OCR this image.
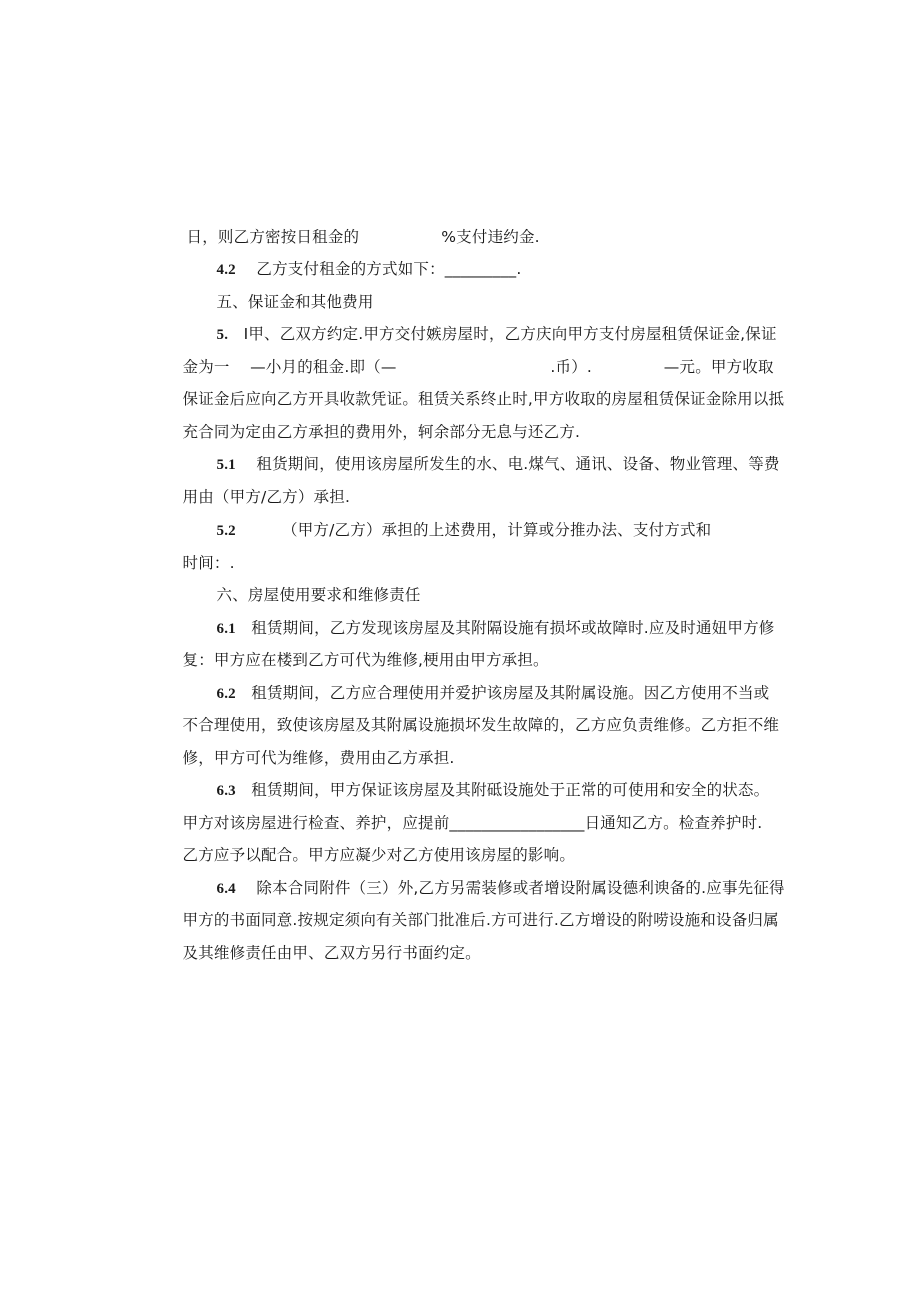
日，则乙方密按日租金的                %支付违约金.

4.2 乙方支付租金的方式如下：_________.

五、保证金和其他费用

5. I甲、乙双方约定.甲方交付嫉房屋时，乙方庆向甲方支付房屋租赁保证金,保证

金为一    —小月的租金.即（—                              .币）.              —元。甲方收取

保证金后应向乙方开具收款凭证。租赁关系终止时,甲方收取的房屋租赁保证金除用以抵

充合同为定由乙方承担的费用外，轲余部分无息与还乙方.

5.1 租货期间，使用该房屋所发生的水、电.煤气、通讯、设备、物业管理、等费

用由（甲方/乙方）承担.

5.2         （甲方/乙方）承担的上述费用，计算或分推办法、支付方式和

时间：.

六、房屋使用要求和维修责任

6.1 租赁期间，乙方发现该房屋及其附隔设施有损坏或故障时.应及时通妞甲方修

复：甲方应在楼到乙方可代为维修,梗用由甲方承担。

6.2 租赁期间，乙方应合理使用并爱护该房屋及其附属设施。因乙方使用不当或

不合理使用，致使该房屋及其附属设施损坏发生故障的，乙方应负责维修。乙方拒不维

修，甲方可代为维修，费用由乙方承担.

6.3 租赁期间，甲方保证该房屋及其附砥设施处于正常的可使用和安全的状态。

甲方对该房屋进行检查、养护，应提前_________________日通知乙方。检查养护时.

乙方应予以配合。甲方应凝少对乙方使用该房屋的影响。

6.4 除本合同附件（三）外,乙方另需装修或者增设附属设德利谀备的.应事先征得

甲方的书面同意.按规定须向有关部门批准后.方可进行.乙方增设的附唠设施和设备归属

及其维修责任由甲、乙双方另行书面约定。
